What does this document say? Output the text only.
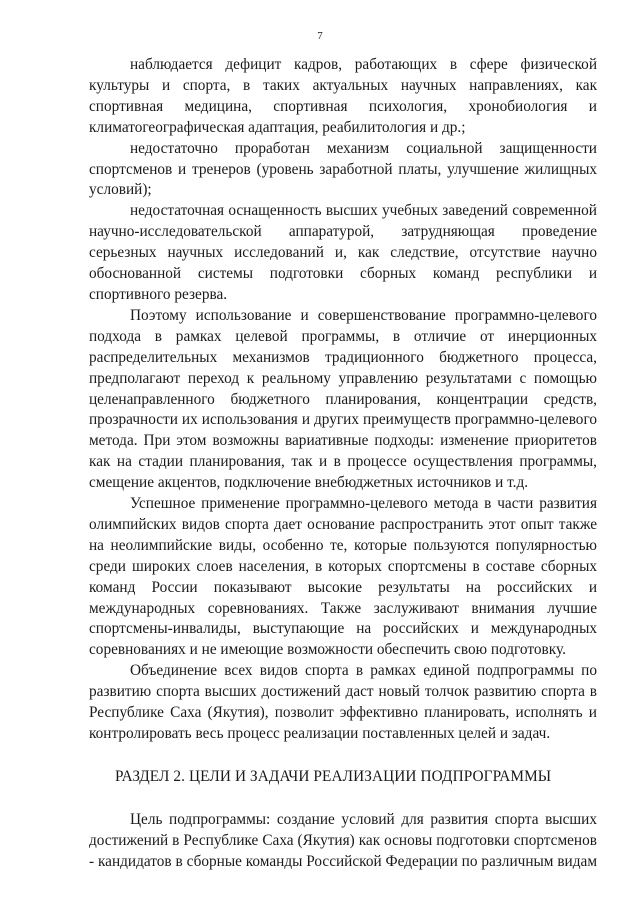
7

наблюдается дефицит кадров, работающих в сфере физической культуры и спорта, в таких актуальных научных направлениях, как спортивная медицина, спортивная психология, хронобиология и климатогеографическая адаптация, реабилитология и др.;

недостаточно проработан механизм социальной защищенности спортсменов и тренеров (уровень заработной платы, улучшение жилищных условий);

недостаточная оснащенность высших учебных заведений современной научно-исследовательской аппаратурой, затрудняющая проведение серьезных научных исследований и, как следствие, отсутствие научно обоснованной системы подготовки сборных команд республики и спортивного резерва.

Поэтому использование и совершенствование программно-целевого подхода в рамках целевой программы, в отличие от инерционных распределительных механизмов традиционного бюджетного процесса, предполагают переход к реальному управлению результатами с помощью целенаправленного бюджетного планирования, концентрации средств, прозрачности их использования и других преимуществ программно-целевого метода. При этом возможны вариативные подходы: изменение приоритетов как на стадии планирования, так и в процессе осуществления программы, смещение акцентов, подключение внебюджетных источников и т.д.

Успешное применение программно-целевого метода в части развития олимпийских видов спорта дает основание распространить этот опыт также на неолимпийские виды, особенно те, которые пользуются популярностью среди широких слоев населения, в которых спортсмены в составе сборных команд России показывают высокие результаты на российских и международных соревнованиях. Также заслуживают внимания лучшие спортсмены-инвалиды, выступающие на российских и международных соревнованиях и не имеющие возможности обеспечить свою подготовку.

Объединение всех видов спорта в рамках единой подпрограммы по развитию спорта высших достижений даст новый толчок развитию спорта в Республике Саха (Якутия), позволит эффективно планировать, исполнять и контролировать весь процесс реализации поставленных целей и задач.

РАЗДЕЛ 2. ЦЕЛИ И ЗАДАЧИ РЕАЛИЗАЦИИ ПОДПРОГРАММЫ

Цель подпрограммы: создание условий для развития спорта высших достижений в Республике Саха (Якутия) как основы подготовки спортсменов - кандидатов в сборные команды Российской Федерации по различным видам
